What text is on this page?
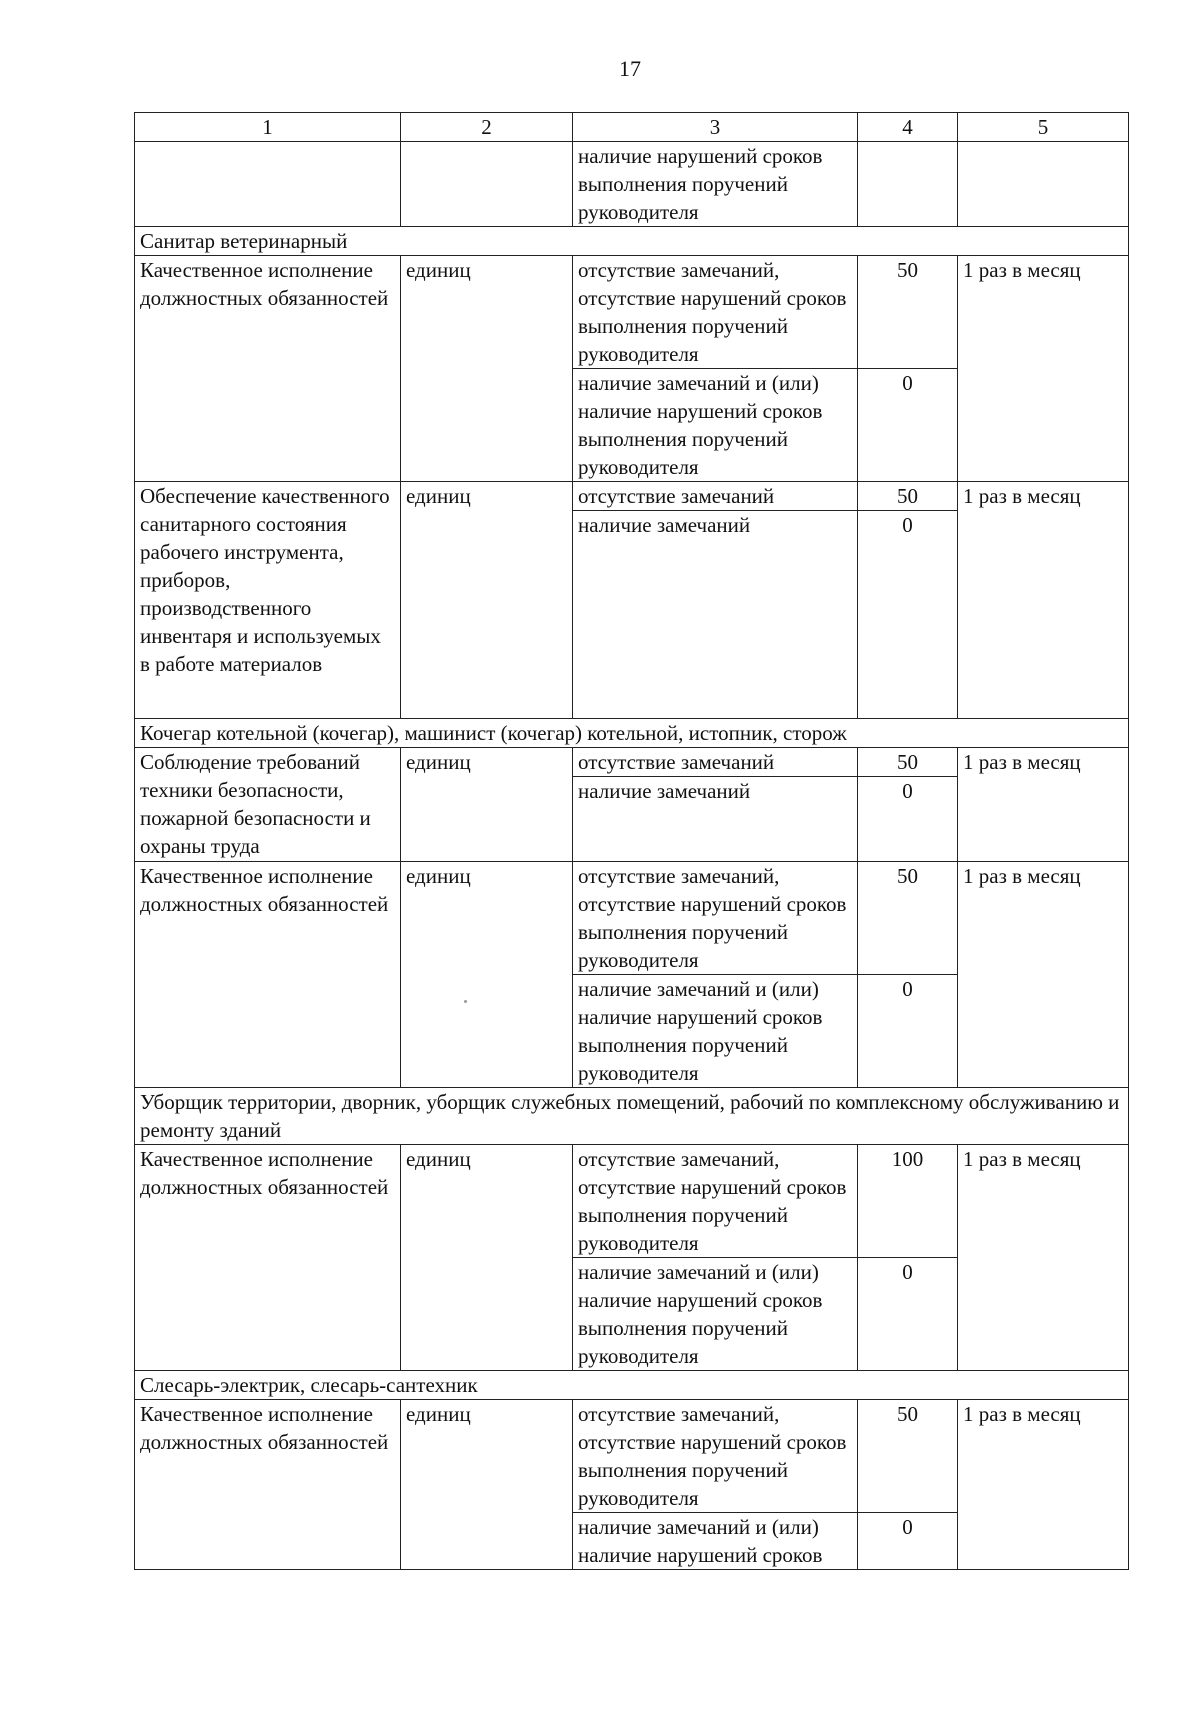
17
1	2	3	4	5
		наличие нарушений сроков выполнения поручений руководителя		
Санитар ветеринарный				
Качественное исполнение должностных обязанностей	единиц	отсутствие замечаний, отсутствие нарушений сроков выполнения поручений руководителя	50	1 раз в месяц
		наличие замечаний и (или) наличие нарушений сроков выполнения поручений руководителя	0	
Обеспечение качественного санитарного состояния рабочего инструмента, приборов, производственного инвентаря и используемых в работе материалов	единиц	отсутствие замечаний	50	1 раз в месяц
		наличие замечаний	0	
Кочегар котельной (кочегар), машинист (кочегар) котельной, истопник, сторож				
Соблюдение требований техники безопасности, пожарной безопасности и охраны труда	единиц	отсутствие замечаний	50	1 раз в месяц
		наличие замечаний	0	
Качественное исполнение должностных обязанностей	единиц	отсутствие замечаний, отсутствие нарушений сроков выполнения поручений руководителя	50	1 раз в месяц
		наличие замечаний и (или) наличие нарушений сроков выполнения поручений руководителя	0	
Уборщик территории, дворник, уборщик служебных помещений, рабочий по комплексному обслуживанию и ремонту зданий				
Качественное исполнение должностных обязанностей	единиц	отсутствие замечаний, отсутствие нарушений сроков выполнения поручений руководителя	100	1 раз в месяц
		наличие замечаний и (или) наличие нарушений сроков выполнения поручений руководителя	0	
Слесарь-электрик, слесарь-сантехник				
Качественное исполнение должностных обязанностей	единиц	отсутствие замечаний, отсутствие нарушений сроков выполнения поручений руководителя	50	1 раз в месяц
		наличие замечаний и (или) наличие нарушений сроков	0	
